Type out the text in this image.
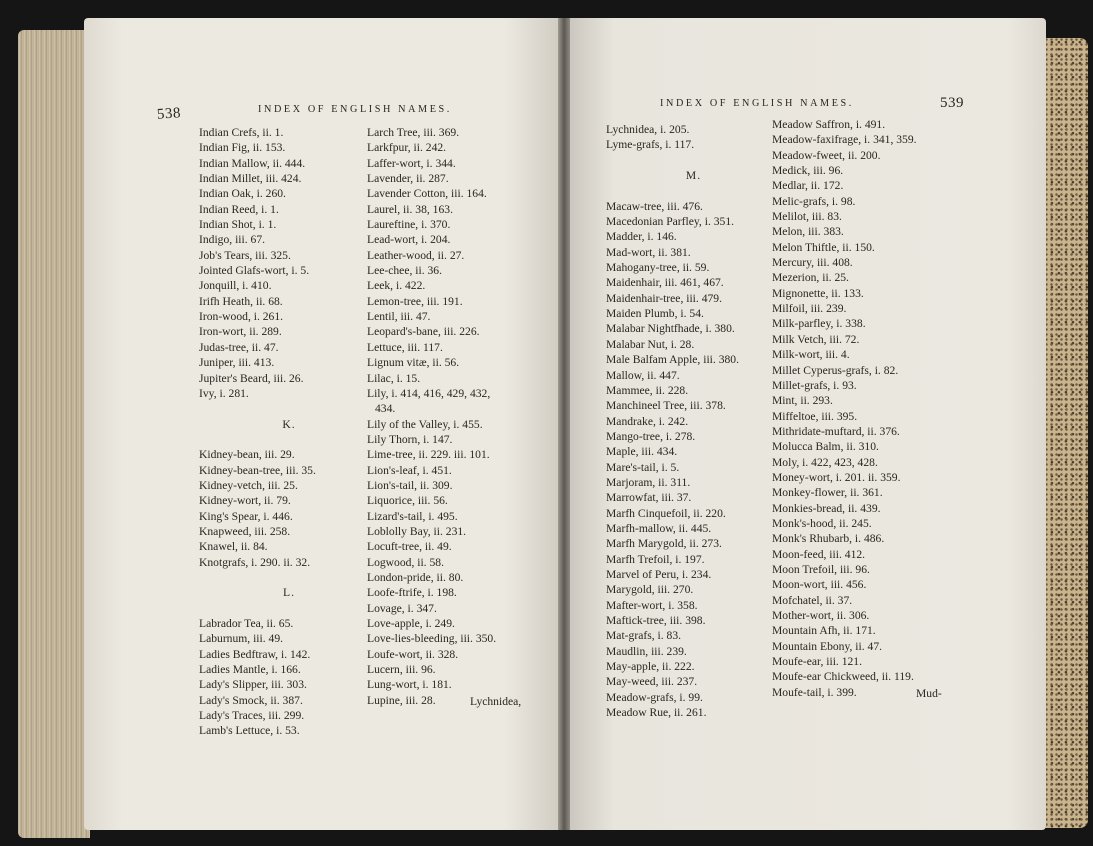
538	INDEX OF ENGLISH NAMES.
Indian Crefs, ii. 1.
Indian Fig, ii. 153.
Indian Mallow, ii. 444.
Indian Millet, iii. 424.
Indian Oak, i. 260.
Indian Reed, i. 1.
Indian Shot, i. 1.
Indigo, iii. 67.
Job's Tears, iii. 325.
Jointed Glafs-wort, i. 5.
Jonquill, i. 410.
Irifh Heath, ii. 68.
Iron-wood, i. 261.
Iron-wort, ii. 289.
Judas-tree, ii. 47.
Juniper, iii. 413.
Jupiter's Beard, iii. 26.
Ivy, i. 281.
K.
Kidney-bean, iii. 29.
Kidney-bean-tree, iii. 35.
Kidney-vetch, iii. 25.
Kidney-wort, ii. 79.
King's Spear, i. 446.
Knapweed, iii. 258.
Knawel, ii. 84.
Knotgrafs, i. 290. ii. 32.
L.
Labrador Tea, ii. 65.
Laburnum, iii. 49.
Ladies Bedftraw, i. 142.
Ladies Mantle, i. 166.
Lady's Slipper, iii. 303.
Lady's Smock, ii. 387.
Lady's Traces, iii. 299.
Lamb's Lettuce, i. 53.
Larch Tree, iii. 369.
Larkfpur, ii. 242.
Laffer-wort, i. 344.
Lavender, ii. 287.
Lavender Cotton, iii. 164.
Laurel, ii. 38, 163.
Laureftine, i. 370.
Lead-wort, i. 204.
Leather-wood, ii. 27.
Lee-chee, ii. 36.
Leek, i. 422.
Lemon-tree, iii. 191.
Lentil, iii. 47.
Leopard's-bane, iii. 226.
Lettuce, iii. 117.
Lignum vitæ, ii. 56.
Lilac, i. 15.
Lily, i. 414, 416, 429, 432,
434.
Lily of the Valley, i. 455.
Lily Thorn, i. 147.
Lime-tree, ii. 229. iii. 101.
Lion's-leaf, i. 451.
Lion's-tail, ii. 309.
Liquorice, iii. 56.
Lizard's-tail, i. 495.
Loblolly Bay, ii. 231.
Locuft-tree, ii. 49.
Logwood, ii. 58.
London-pride, ii. 80.
Loofe-ftrife, i. 198.
Lovage, i. 347.
Love-apple, i. 249.
Love-lies-bleeding, iii. 350.
Loufe-wort, ii. 328.
Lucern, iii. 96.
Lung-wort, i. 181.
Lupine, iii. 28.	Lychnidea,
INDEX OF ENGLISH NAMES.	539
Lychnidea, i. 205.
Lyme-grafs, i. 117.
M.
Macaw-tree, iii. 476.
Macedonian Parfley, i. 351.
Madder, i. 146.
Mad-wort, ii. 381.
Mahogany-tree, ii. 59.
Maidenhair, iii. 461, 467.
Maidenhair-tree, iii. 479.
Maiden Plumb, i. 54.
Malabar Nightfhade, i. 380.
Malabar Nut, i. 28.
Male Balfam Apple, iii. 380.
Mallow, ii. 447.
Mammee, ii. 228.
Manchineel Tree, iii. 378.
Mandrake, i. 242.
Mango-tree, i. 278.
Maple, iii. 434.
Mare's-tail, i. 5.
Marjoram, ii. 311.
Marrowfat, iii. 37.
Marfh Cinquefoil, ii. 220.
Marfh-mallow, ii. 445.
Marfh Marygold, ii. 273.
Marfh Trefoil, i. 197.
Marvel of Peru, i. 234.
Marygold, iii. 270.
Mafter-wort, i. 358.
Maftick-tree, iii. 398.
Mat-grafs, i. 83.
Maudlin, iii. 239.
May-apple, ii. 222.
May-weed, iii. 237.
Meadow-grafs, i. 99.
Meadow Rue, ii. 261.
Meadow Saffron, i. 491.
Meadow-faxifrage, i. 341, 359.
Meadow-fweet, ii. 200.
Medick, iii. 96.
Medlar, ii. 172.
Melic-grafs, i. 98.
Melilot, iii. 83.
Melon, iii. 383.
Melon Thiftle, ii. 150.
Mercury, iii. 408.
Mezerion, ii. 25.
Mignonette, ii. 133.
Milfoil, iii. 239.
Milk-parfley, i. 338.
Milk Vetch, iii. 72.
Milk-wort, iii. 4.
Millet Cyperus-grafs, i. 82.
Millet-grafs, i. 93.
Mint, ii. 293.
Miffeltoe, iii. 395.
Mithridate-muftard, ii. 376.
Molucca Balm, ii. 310.
Moly, i. 422, 423, 428.
Money-wort, i. 201. ii. 359.
Monkey-flower, ii. 361.
Monkies-bread, ii. 439.
Monk's-hood, ii. 245.
Monk's Rhubarb, i. 486.
Moon-feed, iii. 412.
Moon Trefoil, iii. 96.
Moon-wort, iii. 456.
Mofchatel, ii. 37.
Mother-wort, ii. 306.
Mountain Afh, ii. 171.
Mountain Ebony, ii. 47.
Moufe-ear, iii. 121.
Moufe-ear Chickweed, ii. 119.
Moufe-tail, i. 399.	Mud-
